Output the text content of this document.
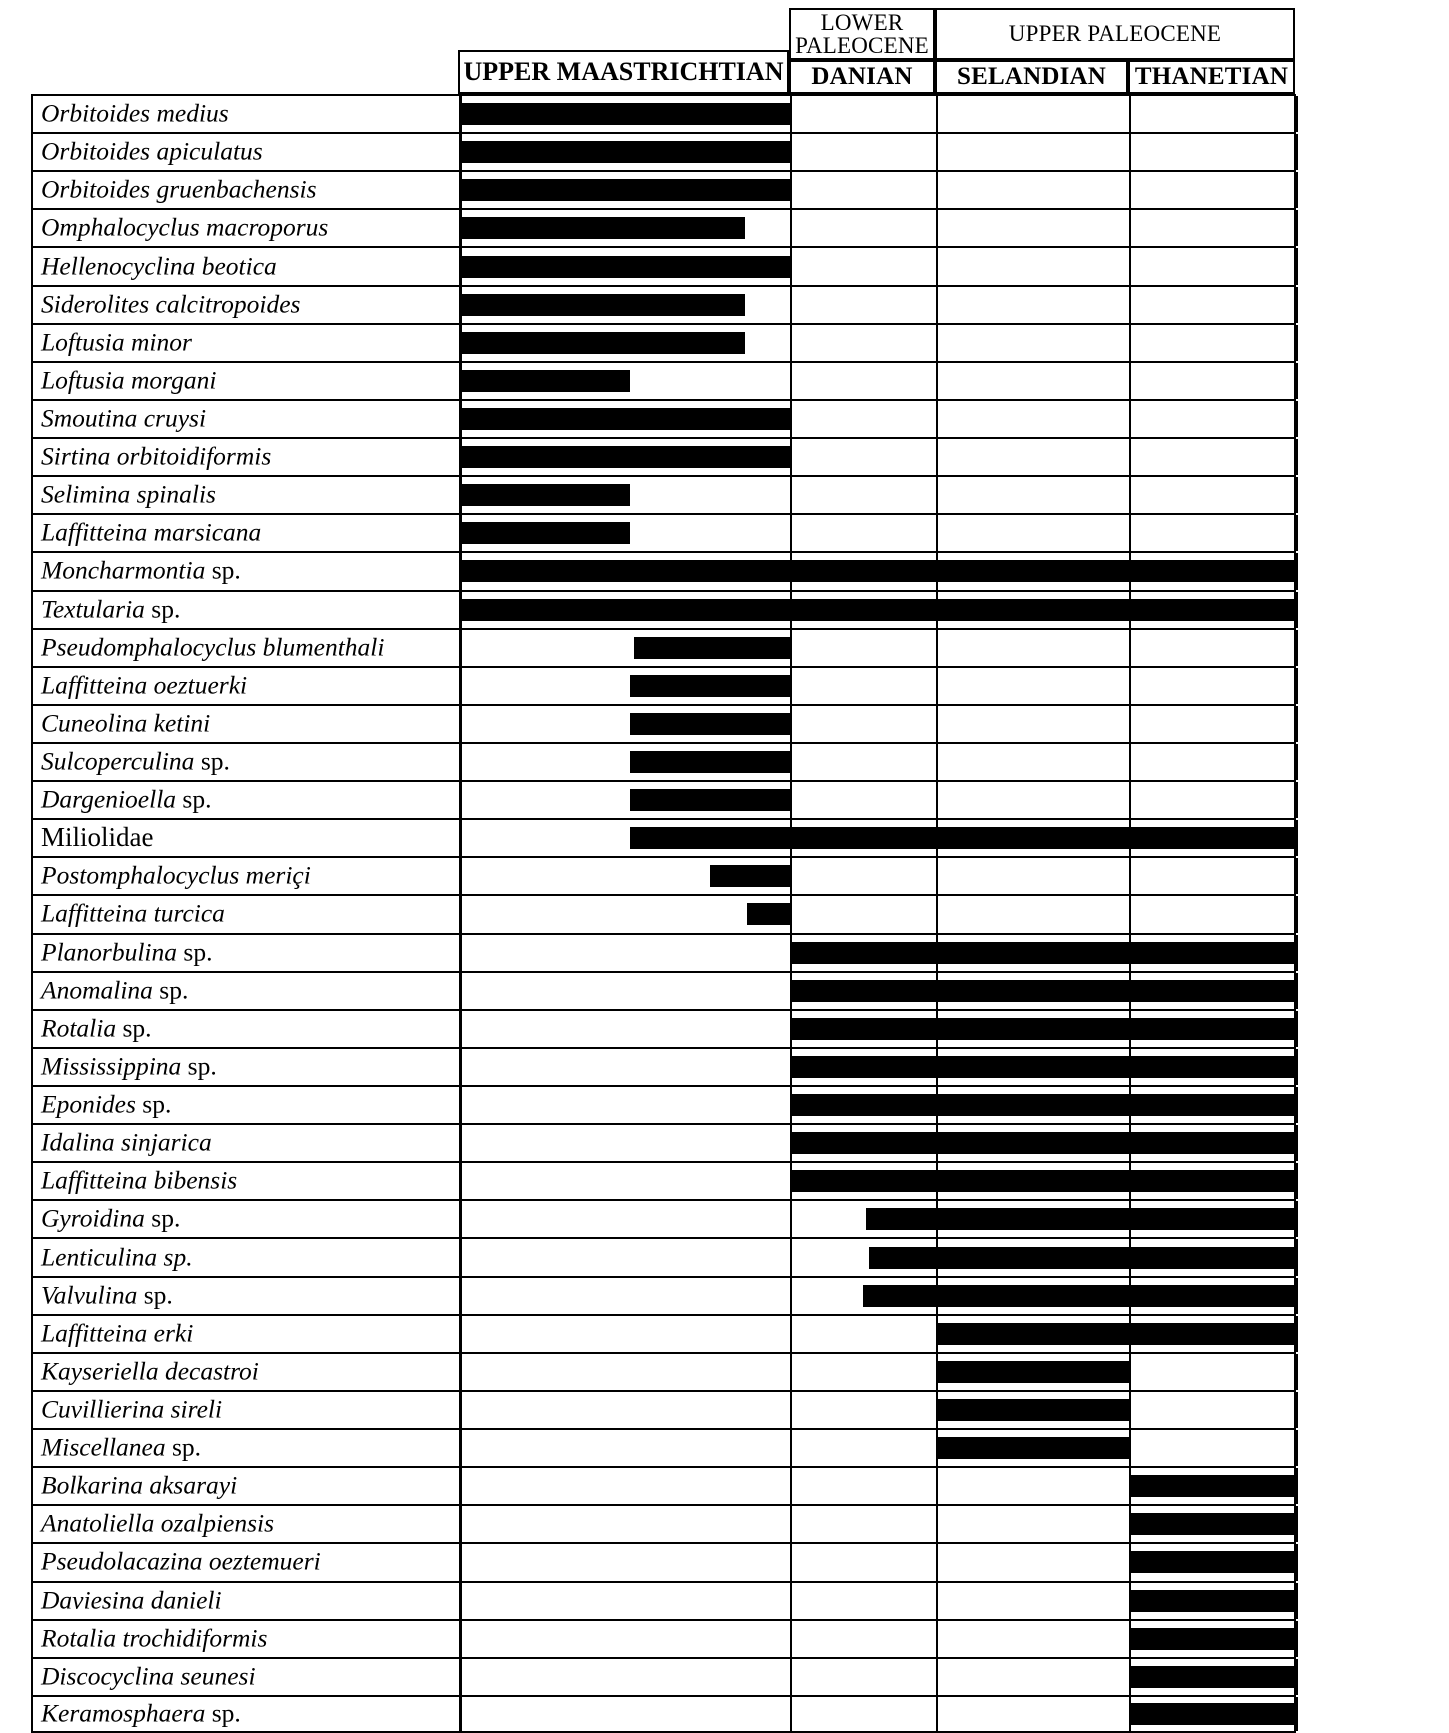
LOWER
PALEOCENE	UPPER PALEOCENE
UPPER MAASTRICHTIAN DANIAN SELANDIAN THANETIAN
Orbitoides medius
Orbitoides apiculatus
Orbitoides gruenbachensis
Omphalocyclus macroporus
Hellenocyclina beotica
Siderolites calcitropoides
Loftusia minor
Loftusia morgani
Smoutina cruysi
Sirtina orbitoidiformis
Selimina spinalis
Laffitteina marsicana
Moncharmontia sp.
Textularia sp.
Pseudomphalocyclus blumenthali
Laffitteina oeztuerki
Cuneolina ketini
Sulcoperculina sp.
Dargenioella sp.
Miliolidae
Postomphalocyclus meriçi
Laffitteina turcica
Planorbulina sp.
Anomalina sp.
Rotalia sp.
Mississippina sp.
Eponides sp.
Idalina sinjarica
Laffitteina bibensis
Gyroidina sp.
Lenticulina sp.
Valvulina sp.
Laffitteina erki
Kayseriella decastroi
Cuvillierina sireli
Miscellanea sp.
Bolkarina aksarayi
Anatoliella ozalpiensis
Pseudolacazina oeztemueri
Daviesina danieli
Rotalia trochidiformis
Discocyclina seunesi
Keramosphaera sp.
